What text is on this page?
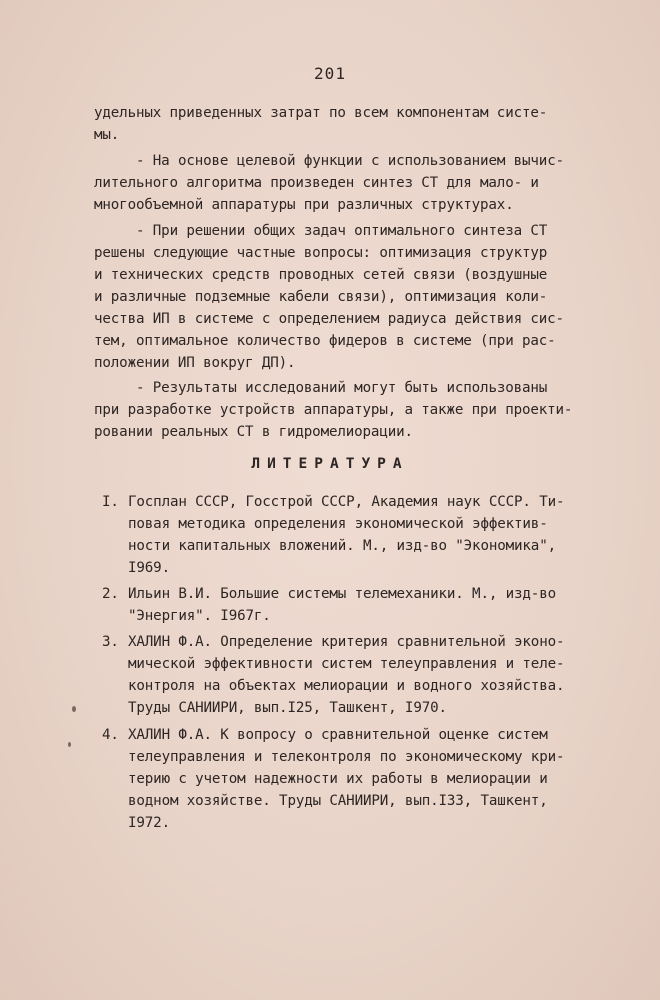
201
удельных приведенных затрат по всем компонентам систе-
мы.
- На основе целевой функции с использованием вычис-
лительного алгоритма произведен синтез СТ для мало- и
многообъемной аппаратуры при различных структурах.
- При решении общих задач оптимального синтеза СТ
решены следующие частные вопросы: оптимизация структур
и технических средств проводных сетей связи (воздушные
и различные подземные кабели связи), оптимизация коли-
чества ИП в системе с определением радиуса действия сис-
тем, оптимальное количество фидеров в системе (при рас-
положении ИП вокруг ДП).
- Результаты исследований могут быть использованы
при разработке устройств аппаратуры, а также при проекти-
ровании реальных СТ в гидромелиорации.
ЛИТЕРАТУРА
I. Госплан СССР, Госстрой СССР, Академия наук СССР. Ти-
повая методика определения экономической эффектив-
ности капитальных вложений. М., изд-во "Экономика",
I969.
2. Ильин В.И. Большие системы телемеханики. М., изд-во
"Энергия". I967г.
3. ХАЛИН Ф.А. Определение критерия сравнительной эконо-
мической эффективности систем телеуправления и теле-
контроля на объектах мелиорации и водного хозяйства.
Труды САНИИРИ, вып.I25, Ташкент, I970.
4. ХАЛИН Ф.А. К вопросу о сравнительной оценке систем
телеуправления и телеконтроля по экономическому кри-
терию с учетом надежности их работы в мелиорации и
водном хозяйстве. Труды САНИИРИ, вып.I33, Ташкент,
I972.
